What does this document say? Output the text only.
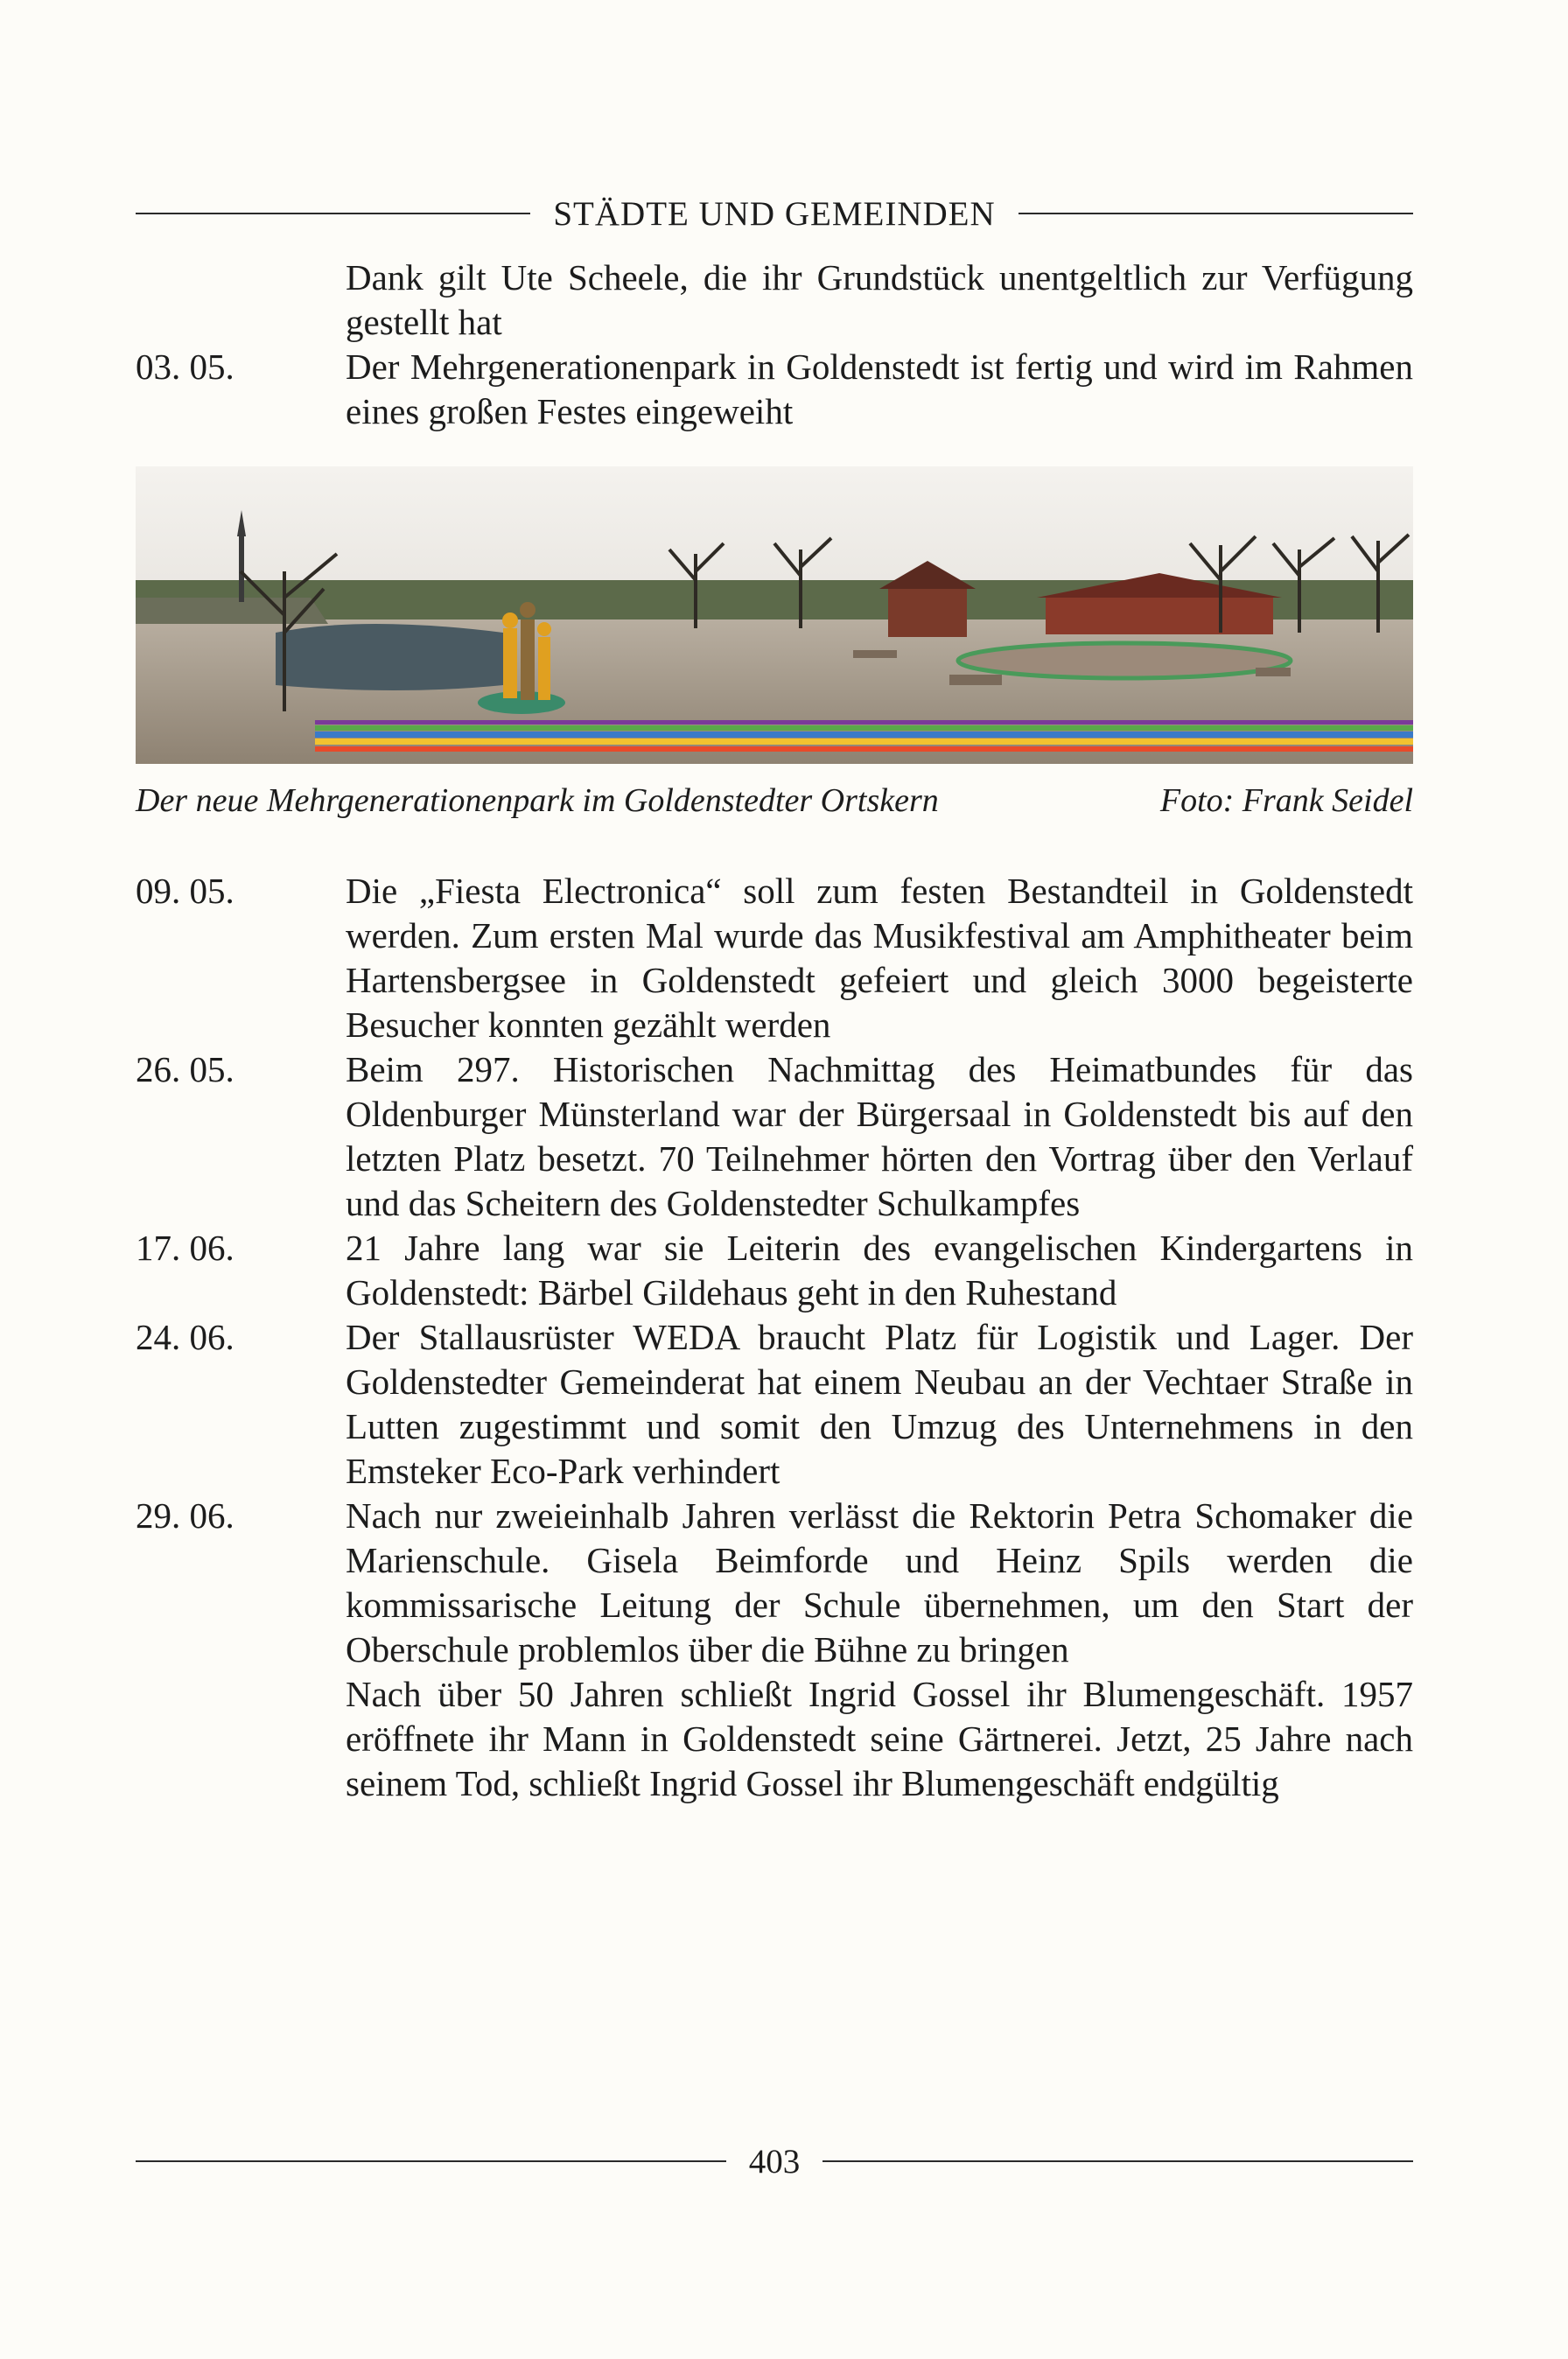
STÄDTE UND GEMEINDEN
Dank gilt Ute Scheele, die ihr Grundstück unentgeltlich zur Verfügung gestellt hat
03. 05.	Der Mehrgenerationenpark in Goldenstedt ist fertig und wird im Rahmen eines großen Festes eingeweiht
Der neue Mehrgenerationenpark im Goldenstedter Ortskern	Foto: Frank Seidel
09. 05.	Die „Fiesta Electronica“ soll zum festen Bestandteil in Goldenstedt werden. Zum ersten Mal wurde das Musikfestival am Amphitheater beim Hartensbergsee in Goldenstedt gefeiert und gleich 3000 begeisterte Besucher konnten gezählt werden
26. 05.	Beim 297. Historischen Nachmittag des Heimatbundes für das Oldenburger Münsterland war der Bürgersaal in Goldenstedt bis auf den letzten Platz besetzt. 70 Teilnehmer hörten den Vortrag über den Verlauf und das Scheitern des Goldenstedter Schulkampfes
17. 06.	21 Jahre lang war sie Leiterin des evangelischen Kindergartens in Goldenstedt: Bärbel Gildehaus geht in den Ruhestand
24. 06.	Der Stallausrüster WEDA braucht Platz für Logistik und Lager. Der Goldenstedter Gemeinderat hat einem Neubau an der Vechtaer Straße in Lutten zugestimmt und somit den Umzug des Unternehmens in den Emsteker Eco-Park verhindert
29. 06.	Nach nur zweieinhalb Jahren verlässt die Rektorin Petra Schomaker die Marienschule. Gisela Beimforde und Heinz Spils werden die kommissarische Leitung der Schule übernehmen, um den Start der Oberschule problemlos über die Bühne zu bringen
Nach über 50 Jahren schließt Ingrid Gossel ihr Blumengeschäft. 1957 eröffnete ihr Mann in Goldenstedt seine Gärtnerei. Jetzt, 25 Jahre nach seinem Tod, schließt Ingrid Gossel ihr Blumengeschäft endgültig
403
